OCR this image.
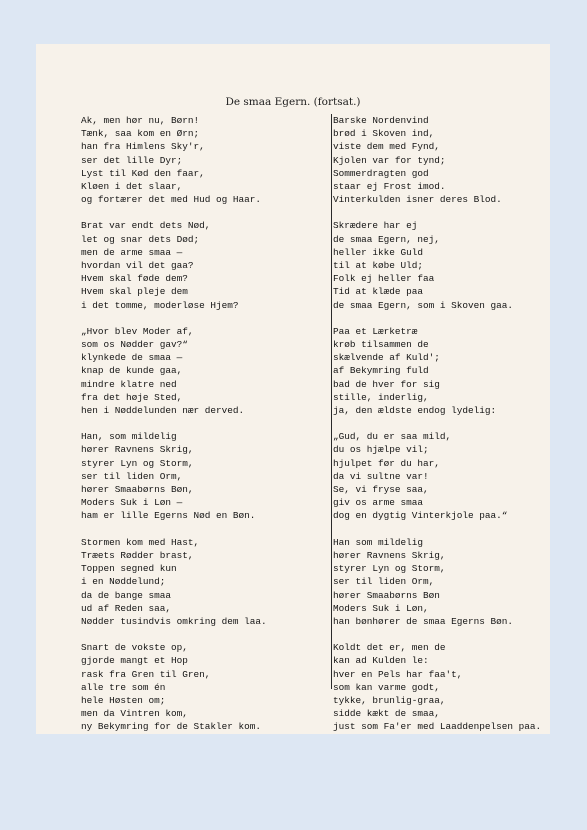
De smaa Egern. (fortsat.)
Ak, men hør nu, Børn!
Tænk, saa kom en Ørn;
han fra Himlens Sky'r,
ser det lille Dyr;
Lyst til Kød den faar,
Kløen i det slaar,
og fortærer det med Hud og Haar.
Brat var endt dets Nød,
let og snar dets Død;
men de arme smaa —
hvordan vil det gaa?
Hvem skal føde dem?
Hvem skal pleje dem
i det tomme, moderløse Hjem?
„Hvor blev Moder af,
som os Nødder gav?“
klynkede de smaa —
knap de kunde gaa,
mindre klatre ned
fra det høje Sted,
hen i Nøddelunden nær derved.
Han, som mildelig
hører Ravnens Skrig,
styrer Lyn og Storm,
ser til liden Orm,
hører Smaabørns Bøn,
Moders Suk i Løn —
ham er lille Egerns Nød en Bøn.
Stormen kom med Hast,
Træets Rødder brast,
Toppen segned kun
i en Nøddelund;
da de bange smaa
ud af Reden saa,
Nødder tusindvis omkring dem laa.
Snart de vokste op,
gjorde mangt et Hop
rask fra Gren til Gren,
alle tre som én
hele Høsten om;
men da Vintren kom,
ny Bekymring for de Stakler kom.
Barske Nordenvind
brød i Skoven ind,
viste dem med Fynd,
Kjolen var for tynd;
Sommerdragten god
staar ej Frost imod.
Vinterkulden isner deres Blod.
Skrædere har ej
de smaa Egern, nej,
heller ikke Guld
til at købe Uld;
Folk ej heller faa
Tid at klæde paa
de smaa Egern, som i Skoven gaa.
Paa et Lærketræ
krøb tilsammen de
skælvende af Kuld';
af Bekymring fuld
bad de hver for sig
stille, inderlig,
ja, den ældste endog lydelig:
„Gud, du er saa mild,
du os hjælpe vil;
hjulpet før du har,
da vi sultne var!
Se, vi fryse saa,
giv os arme smaa
dog en dygtig Vinterkjole paa.“
Han som mildelig
hører Ravnens Skrig,
styrer Lyn og Storm,
ser til liden Orm,
hører Smaabørns Bøn
Moders Suk i Løn,
han bønhører de smaa Egerns Bøn.
Koldt det er, men de
kan ad Kulden le:
hver en Pels har faa't,
som kan varme godt,
tykke, brunlig-graa,
sidde kækt de smaa,
just som Fa'er med Laaddenpelsen paa.
